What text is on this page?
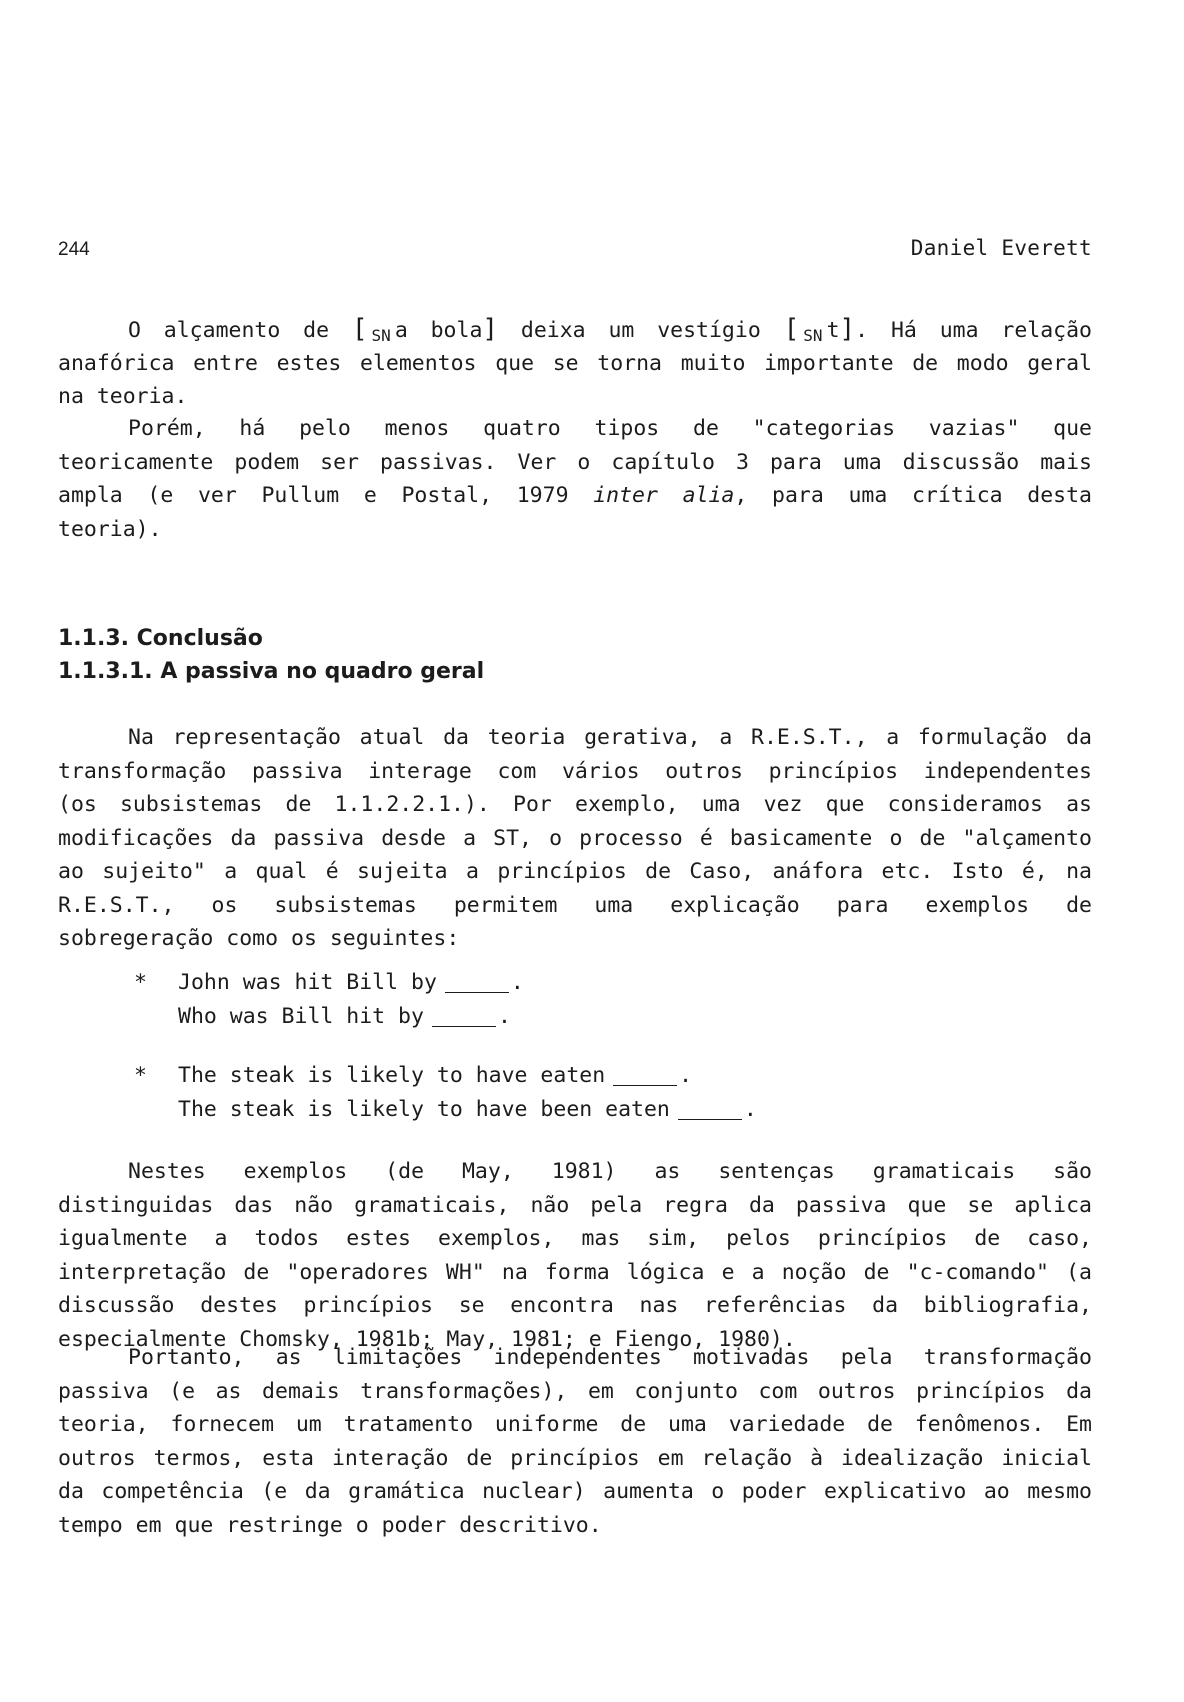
244	Daniel Everett
O alçamento de [ $_{SN}$ a bola] deixa um vestígio [ $_{SN}$ t]. Há uma relação
anafórica entre estes elementos que se torna muito importante de modo geral
na teoria.
Porém, há pelo menos quatro tipos de "categorias vazias" que
teoricamente podem ser passivas. Ver o capítulo 3 para uma discussão mais
ampla (e ver Pullum e Postal, 1979 inter alia, para uma crítica desta
teoria).
1.1.3. Conclusão
1.1.3.1. A passiva no quadro geral
Na representação atual da teoria gerativa, a R.E.S.T., a formulação da
transformação passiva interage com vários outros princípios independentes
(os subsistemas de 1.1.2.2.1.). Por exemplo, uma vez que consideramos as
modificações da passiva desde a ST, o processo é basicamente o de "alçamento
ao sujeito" a qual é sujeita a princípios de Caso, anáfora etc. Isto é, na
R.E.S.T., os subsistemas permitem uma explicação para exemplos de
sobregeração como os seguintes:
* John was hit Bill by	.
Who was Bill hit by	.
* The steak is likely to have eaten	.
The steak is likely to have been eaten	.
Nestes exemplos (de May, 1981) as sentenças gramaticais são
distinguidas das não gramaticais, não pela regra da passiva que se aplica
igualmente a todos estes exemplos, mas sim, pelos princípios de caso,
interpretação de "operadores WH" na forma lógica e a noção de "c-comando" (a
discussão destes princípios se encontra nas referências da bibliografia,
especialmente Chomsky, 1981b; May, 1981; e Fiengo, 1980).
Portanto, as limitações independentes motivadas pela transformação
passiva (e as demais transformações), em conjunto com outros princípios da
teoria, fornecem um tratamento uniforme de uma variedade de fenômenos. Em
outros termos, esta interação de princípios em relação à idealização inicial
da competência (e da gramática nuclear) aumenta o poder explicativo ao mesmo
tempo em que restringe o poder descritivo.
